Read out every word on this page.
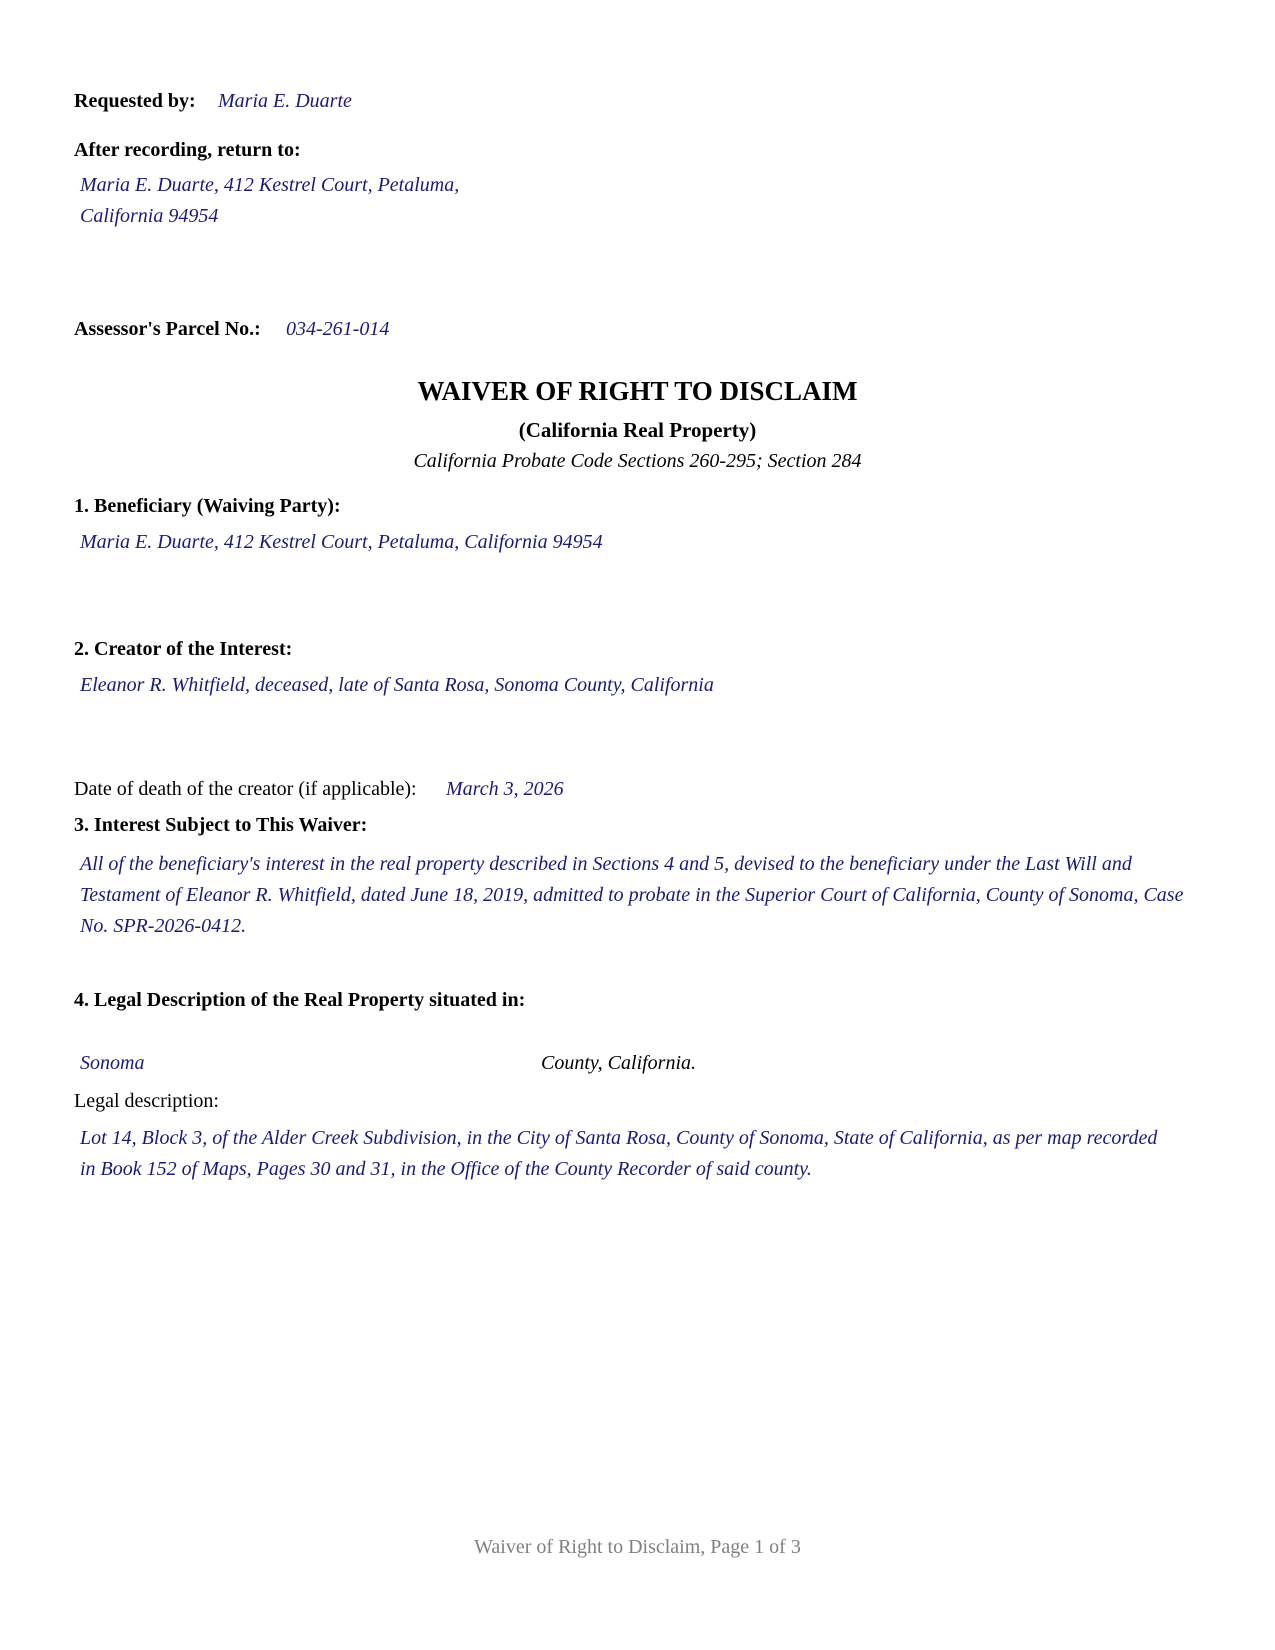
Requested by: Maria E. Duarte
After recording, return to:
Maria E. Duarte, 412 Kestrel Court, Petaluma,
California 94954
Assessor's Parcel No.: 034-261-014
WAIVER OF RIGHT TO DISCLAIM
(California Real Property)
California Probate Code Sections 260-295; Section 284
1. Beneficiary (Waiving Party):
Maria E. Duarte, 412 Kestrel Court, Petaluma, California 94954
2. Creator of the Interest:
Eleanor R. Whitfield, deceased, late of Santa Rosa, Sonoma County, California
Date of death of the creator (if applicable): March 3, 2026
3. Interest Subject to This Waiver:
All of the beneficiary's interest in the real property described in Sections 4 and 5, devised to the beneficiary under the Last Will and Testament of Eleanor R. Whitfield, dated June 18, 2019, admitted to probate in the Superior Court of California, County of Sonoma, Case No. SPR-2026-0412.
4. Legal Description of the Real Property situated in:
Sonoma	County, California.
Legal description:
Lot 14, Block 3, of the Alder Creek Subdivision, in the City of Santa Rosa, County of Sonoma, State of California, as per map recorded in Book 152 of Maps, Pages 30 and 31, in the Office of the County Recorder of said county.
Waiver of Right to Disclaim, Page 1 of 3
